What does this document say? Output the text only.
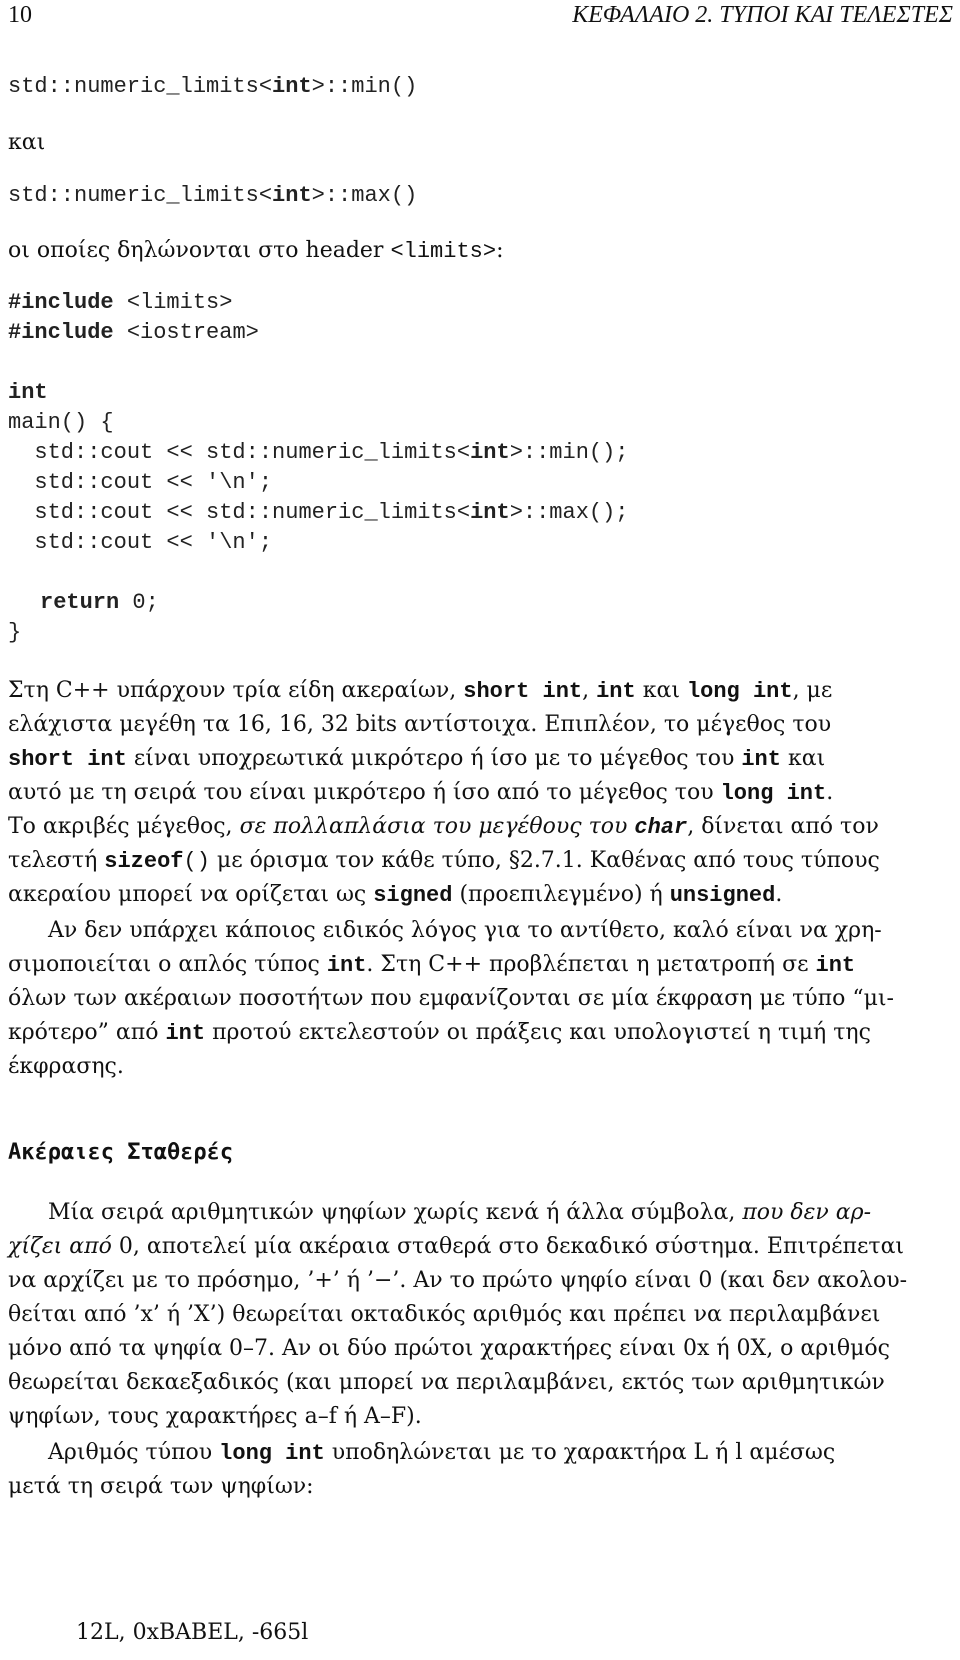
10	ΚΕΦΑΛΑΙΟ 2. ΤΥΠΟΙ ΚΑΙ ΤΕΛΕΣΤΕΣ
std::numeric_limits<int>::min()
και
std::numeric_limits<int>::max()
οι οποίες δηλώνονται στο header <limits>:
#include <limits>
#include <iostream>
int
main() {
std::cout << std::numeric_limits<int>::min();
std::cout << '\n';
std::cout << std::numeric_limits<int>::max();
std::cout << '\n';
return 0;
}
Στη C++ υπάρχουν τρία είδη ακεραίων, short int, int και long int, με
ελάχιστα μεγέθη τα 16, 16, 32 bits αντίστοιχα. Επιπλέον, το μέγεθος του
short int είναι υποχρεωτικά μικρότερο ή ίσο με το μέγεθος του int και
αυτό με τη σειρά του είναι μικρότερο ή ίσο από το μέγεθος του long int.
Το ακριβές μέγεθος, σε πολλαπλάσια του μεγέθους του char, δίνεται από τον
τελεστή sizeof() με όρισμα τον κάθε τύπο, §2.7.1. Καθένας από τους τύπους
ακεραίου μπορεί να ορίζεται ως signed (προεπιλεγμένο) ή unsigned.
Αν δεν υπάρχει κάποιος ειδικός λόγος για το αντίθετο, καλό είναι να χρη-
σιμοποιείται ο απλός τύπος int. Στη C++ προβλέπεται η μετατροπή σε int
όλων των ακέραιων ποσοτήτων που εμφανίζονται σε μία έκφραση με τύπο “μι-
κρότερο” από int προτού εκτελεστούν οι πράξεις και υπολογιστεί η τιμή της
έκφρασης.
Ακέραιες Σταθερές
Μία σειρά αριθμητικών ψηφίων χωρίς κενά ή άλλα σύμβολα, που δεν αρ-
χίζει από 0, αποτελεί μία ακέραια σταθερά στο δεκαδικό σύστημα. Επιτρέπεται
να αρχίζει με το πρόσημο, ’+’ ή ’−’. Αν το πρώτο ψηφίο είναι 0 (και δεν ακολου-
θείται από ’x’ ή ’X’) θεωρείται οκταδικός αριθμός και πρέπει να περιλαμβάνει
μόνο από τα ψηφία 0–7. Αν οι δύο πρώτοι χαρακτήρες είναι 0x ή 0X, ο αριθμός
θεωρείται δεκαεξαδικός (και μπορεί να περιλαμβάνει, εκτός των αριθμητικών
ψηφίων, τους χαρακτήρες a–f ή A–F).
Αριθμός τύπου long int υποδηλώνεται με το χαρακτήρα L ή l αμέσως
μετά τη σειρά των ψηφίων:
12L, 0xBABEL, -665l
